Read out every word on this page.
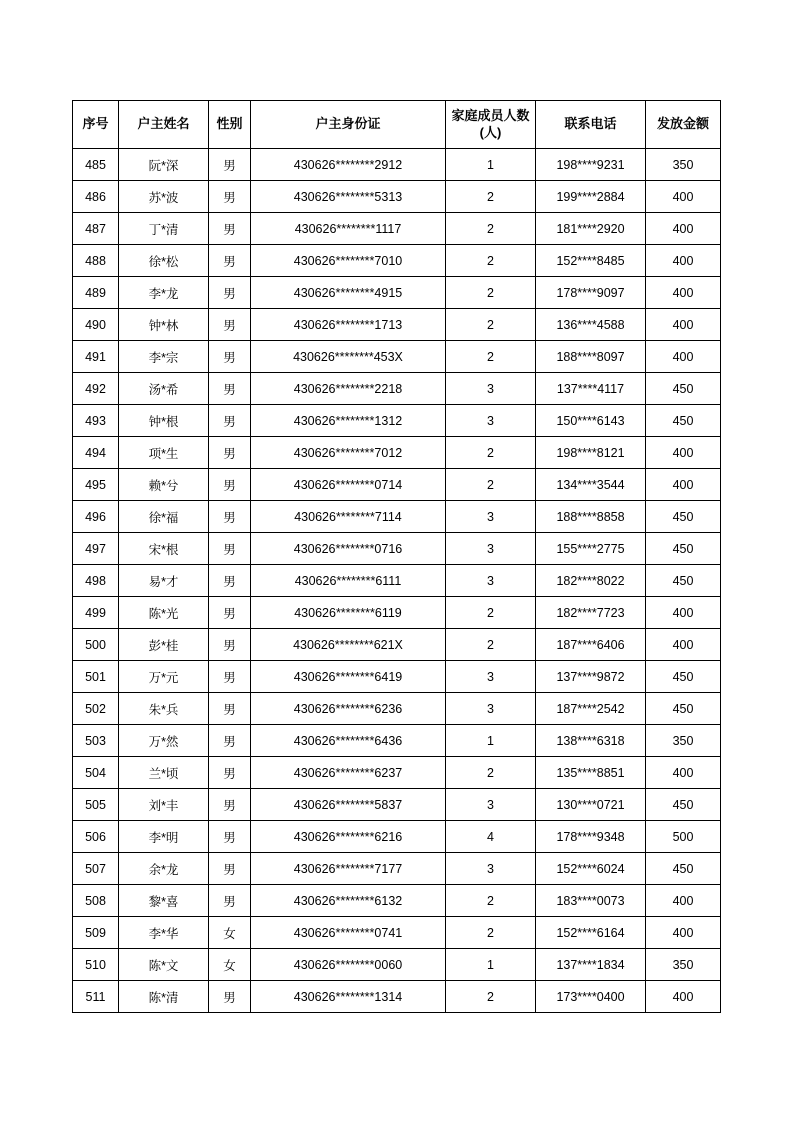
序号	户主姓名	性别	户主身份证	家庭成员人数(人)	联系电话	发放金额
485	阮*深	男	430626********2912	1	198****9231	350
486	苏*波	男	430626********5313	2	199****2884	400
487	丁*清	男	430626********1117	2	181****2920	400
488	徐*松	男	430626********7010	2	152****8485	400
489	李*龙	男	430626********4915	2	178****9097	400
490	钟*林	男	430626********1713	2	136****4588	400
491	李*宗	男	430626********453X	2	188****8097	400
492	汤*希	男	430626********2218	3	137****4117	450
493	钟*根	男	430626********1312	3	150****6143	450
494	项*生	男	430626********7012	2	198****8121	400
495	赖*兮	男	430626********0714	2	134****3544	400
496	徐*福	男	430626********7114	3	188****8858	450
497	宋*根	男	430626********0716	3	155****2775	450
498	易*才	男	430626********6111	3	182****8022	450
499	陈*光	男	430626********6119	2	182****7723	400
500	彭*桂	男	430626********621X	2	187****6406	400
501	万*元	男	430626********6419	3	137****9872	450
502	朱*兵	男	430626********6236	3	187****2542	450
503	万*然	男	430626********6436	1	138****6318	350
504	兰*顷	男	430626********6237	2	135****8851	400
505	刘*丰	男	430626********5837	3	130****0721	450
506	李*明	男	430626********6216	4	178****9348	500
507	余*龙	男	430626********7177	3	152****6024	450
508	黎*喜	男	430626********6132	2	183****0073	400
509	李*华	女	430626********0741	2	152****6164	400
510	陈*文	女	430626********0060	1	137****1834	350
511	陈*清	男	430626********1314	2	173****0400	400
